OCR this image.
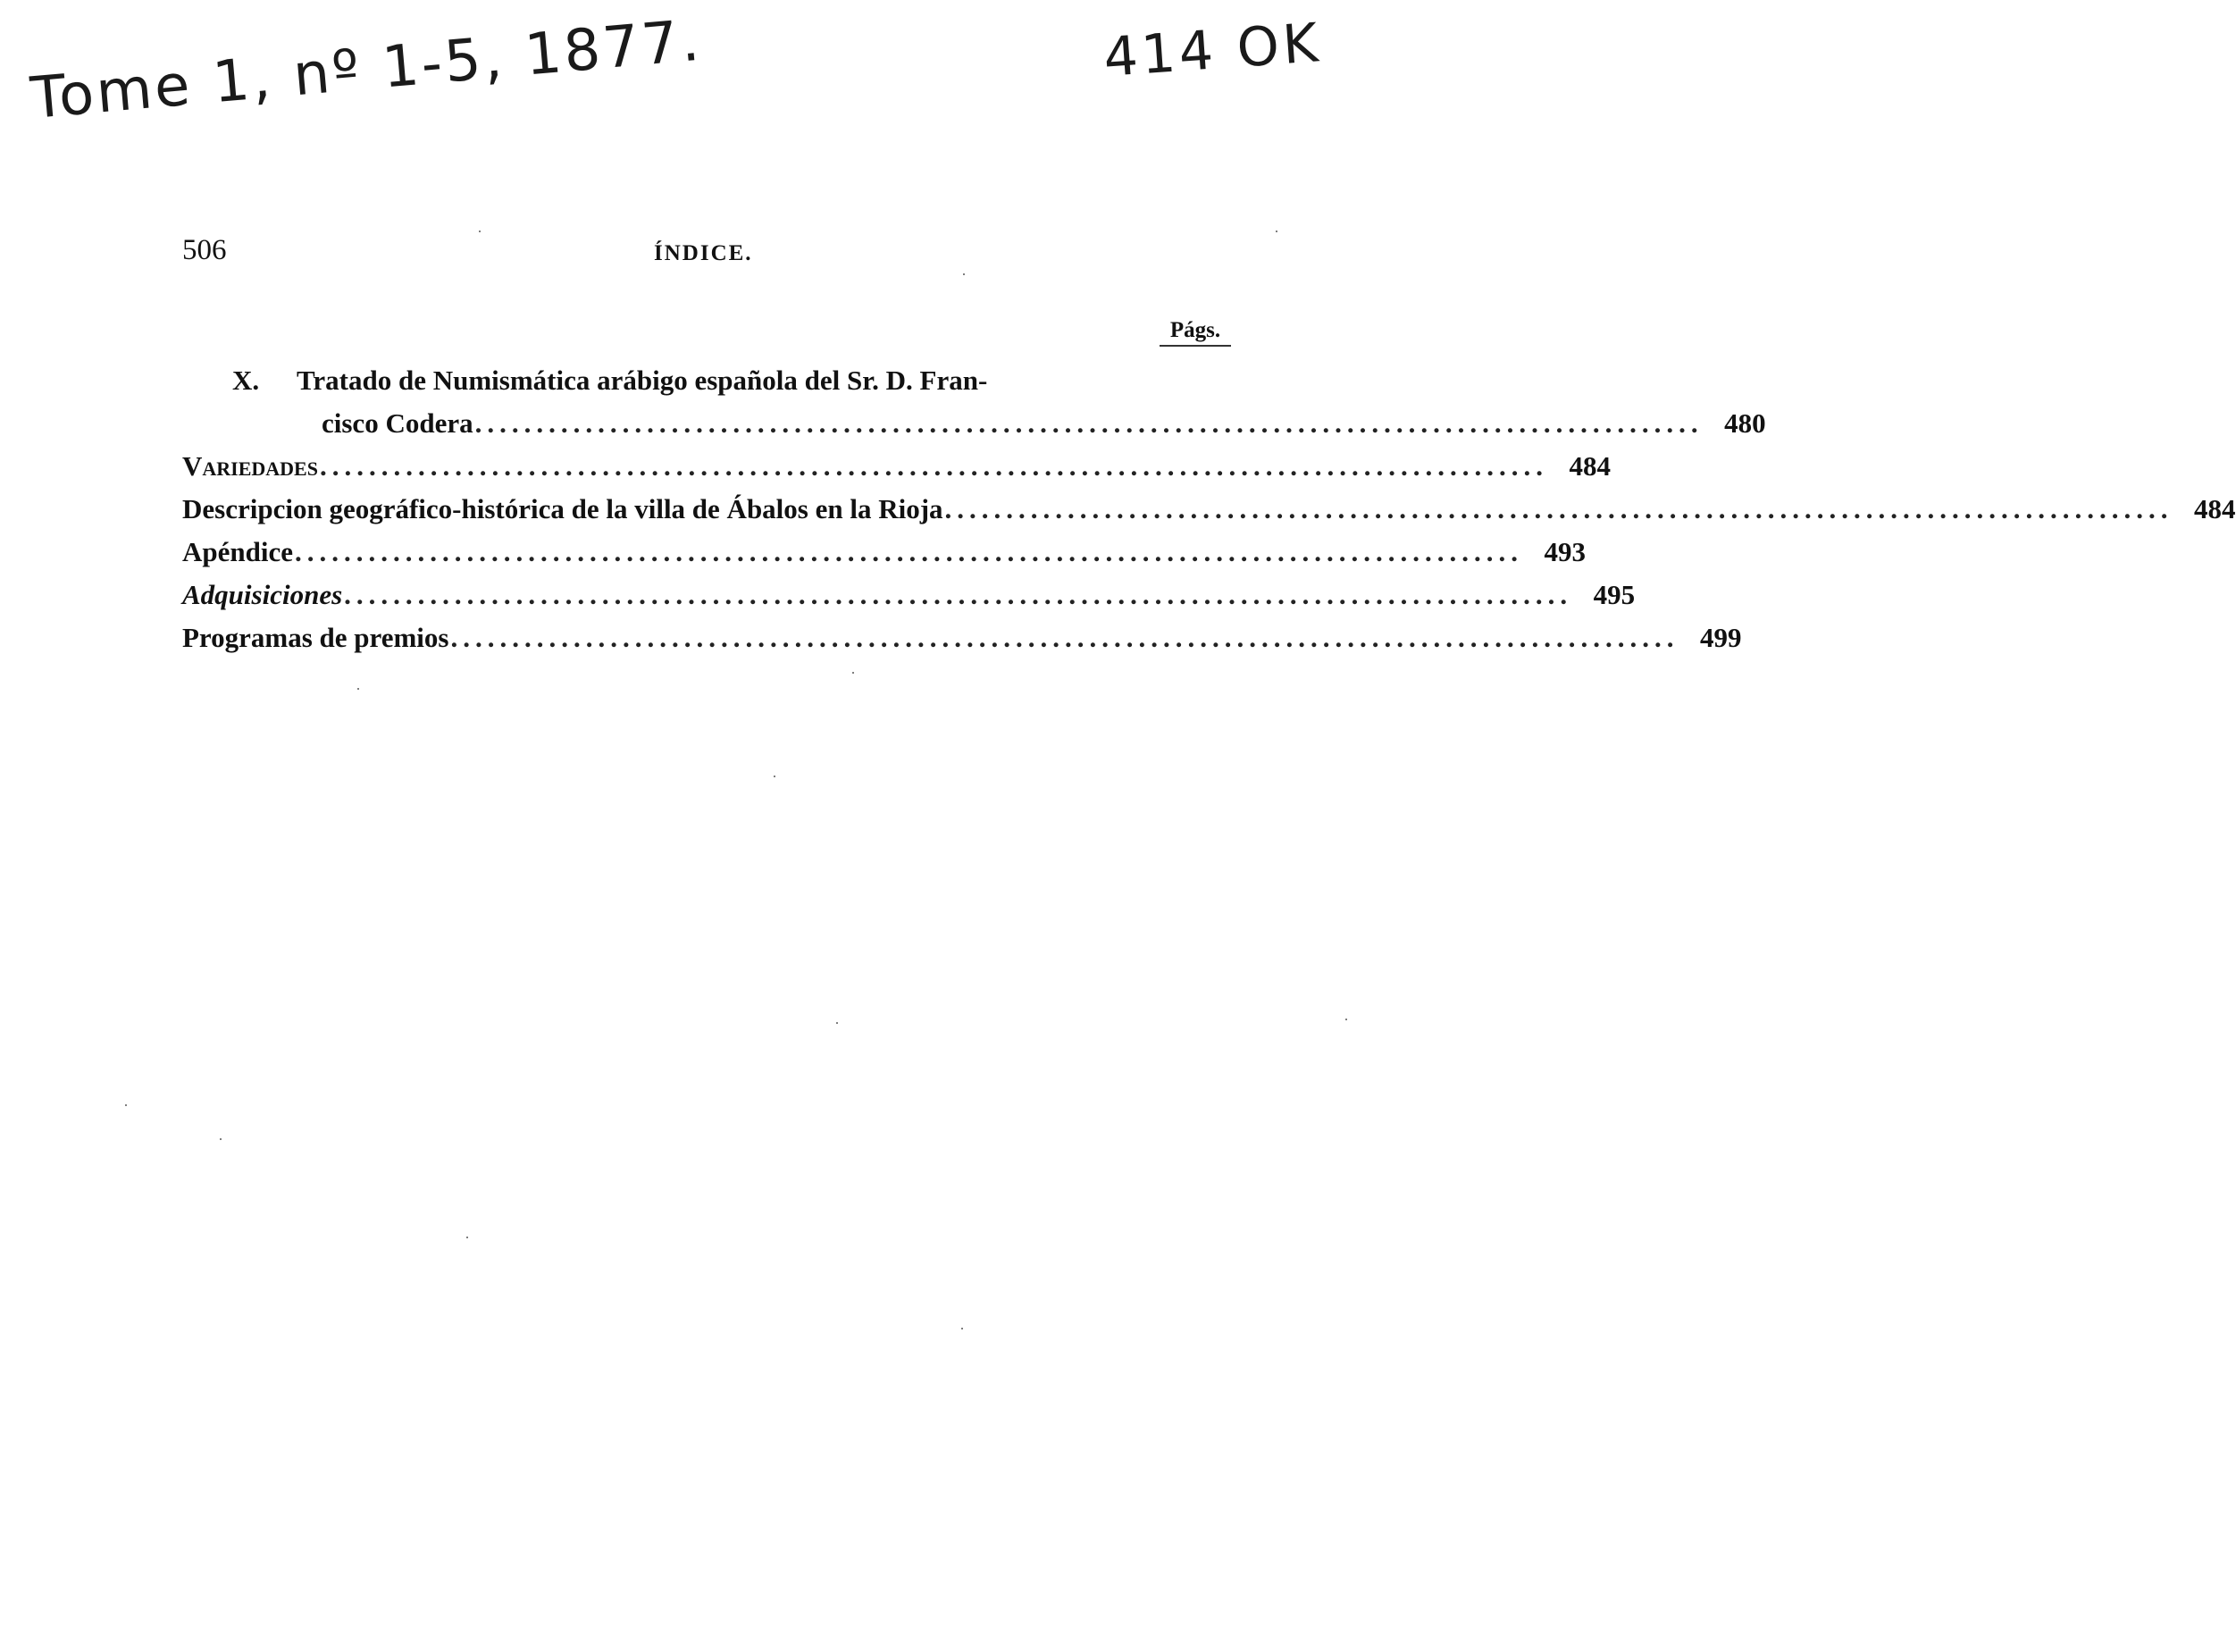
Tome 1, nº 1-5, 1877.	414 OK
506	ÍNDICE.
Págs.
X. Tratado de Numismática arábigo española del Sr. D. Fran-
cisco Codera .................................................................................................... 480
Variedades .................................................................................................... 484
Descripcion geográfico-histórica de la villa de Ábalos en la Rioja .................................................................................................... 484
Apéndice .................................................................................................... 493
Adquisiciones .................................................................................................... 495
Programas de premios .................................................................................................... 499
